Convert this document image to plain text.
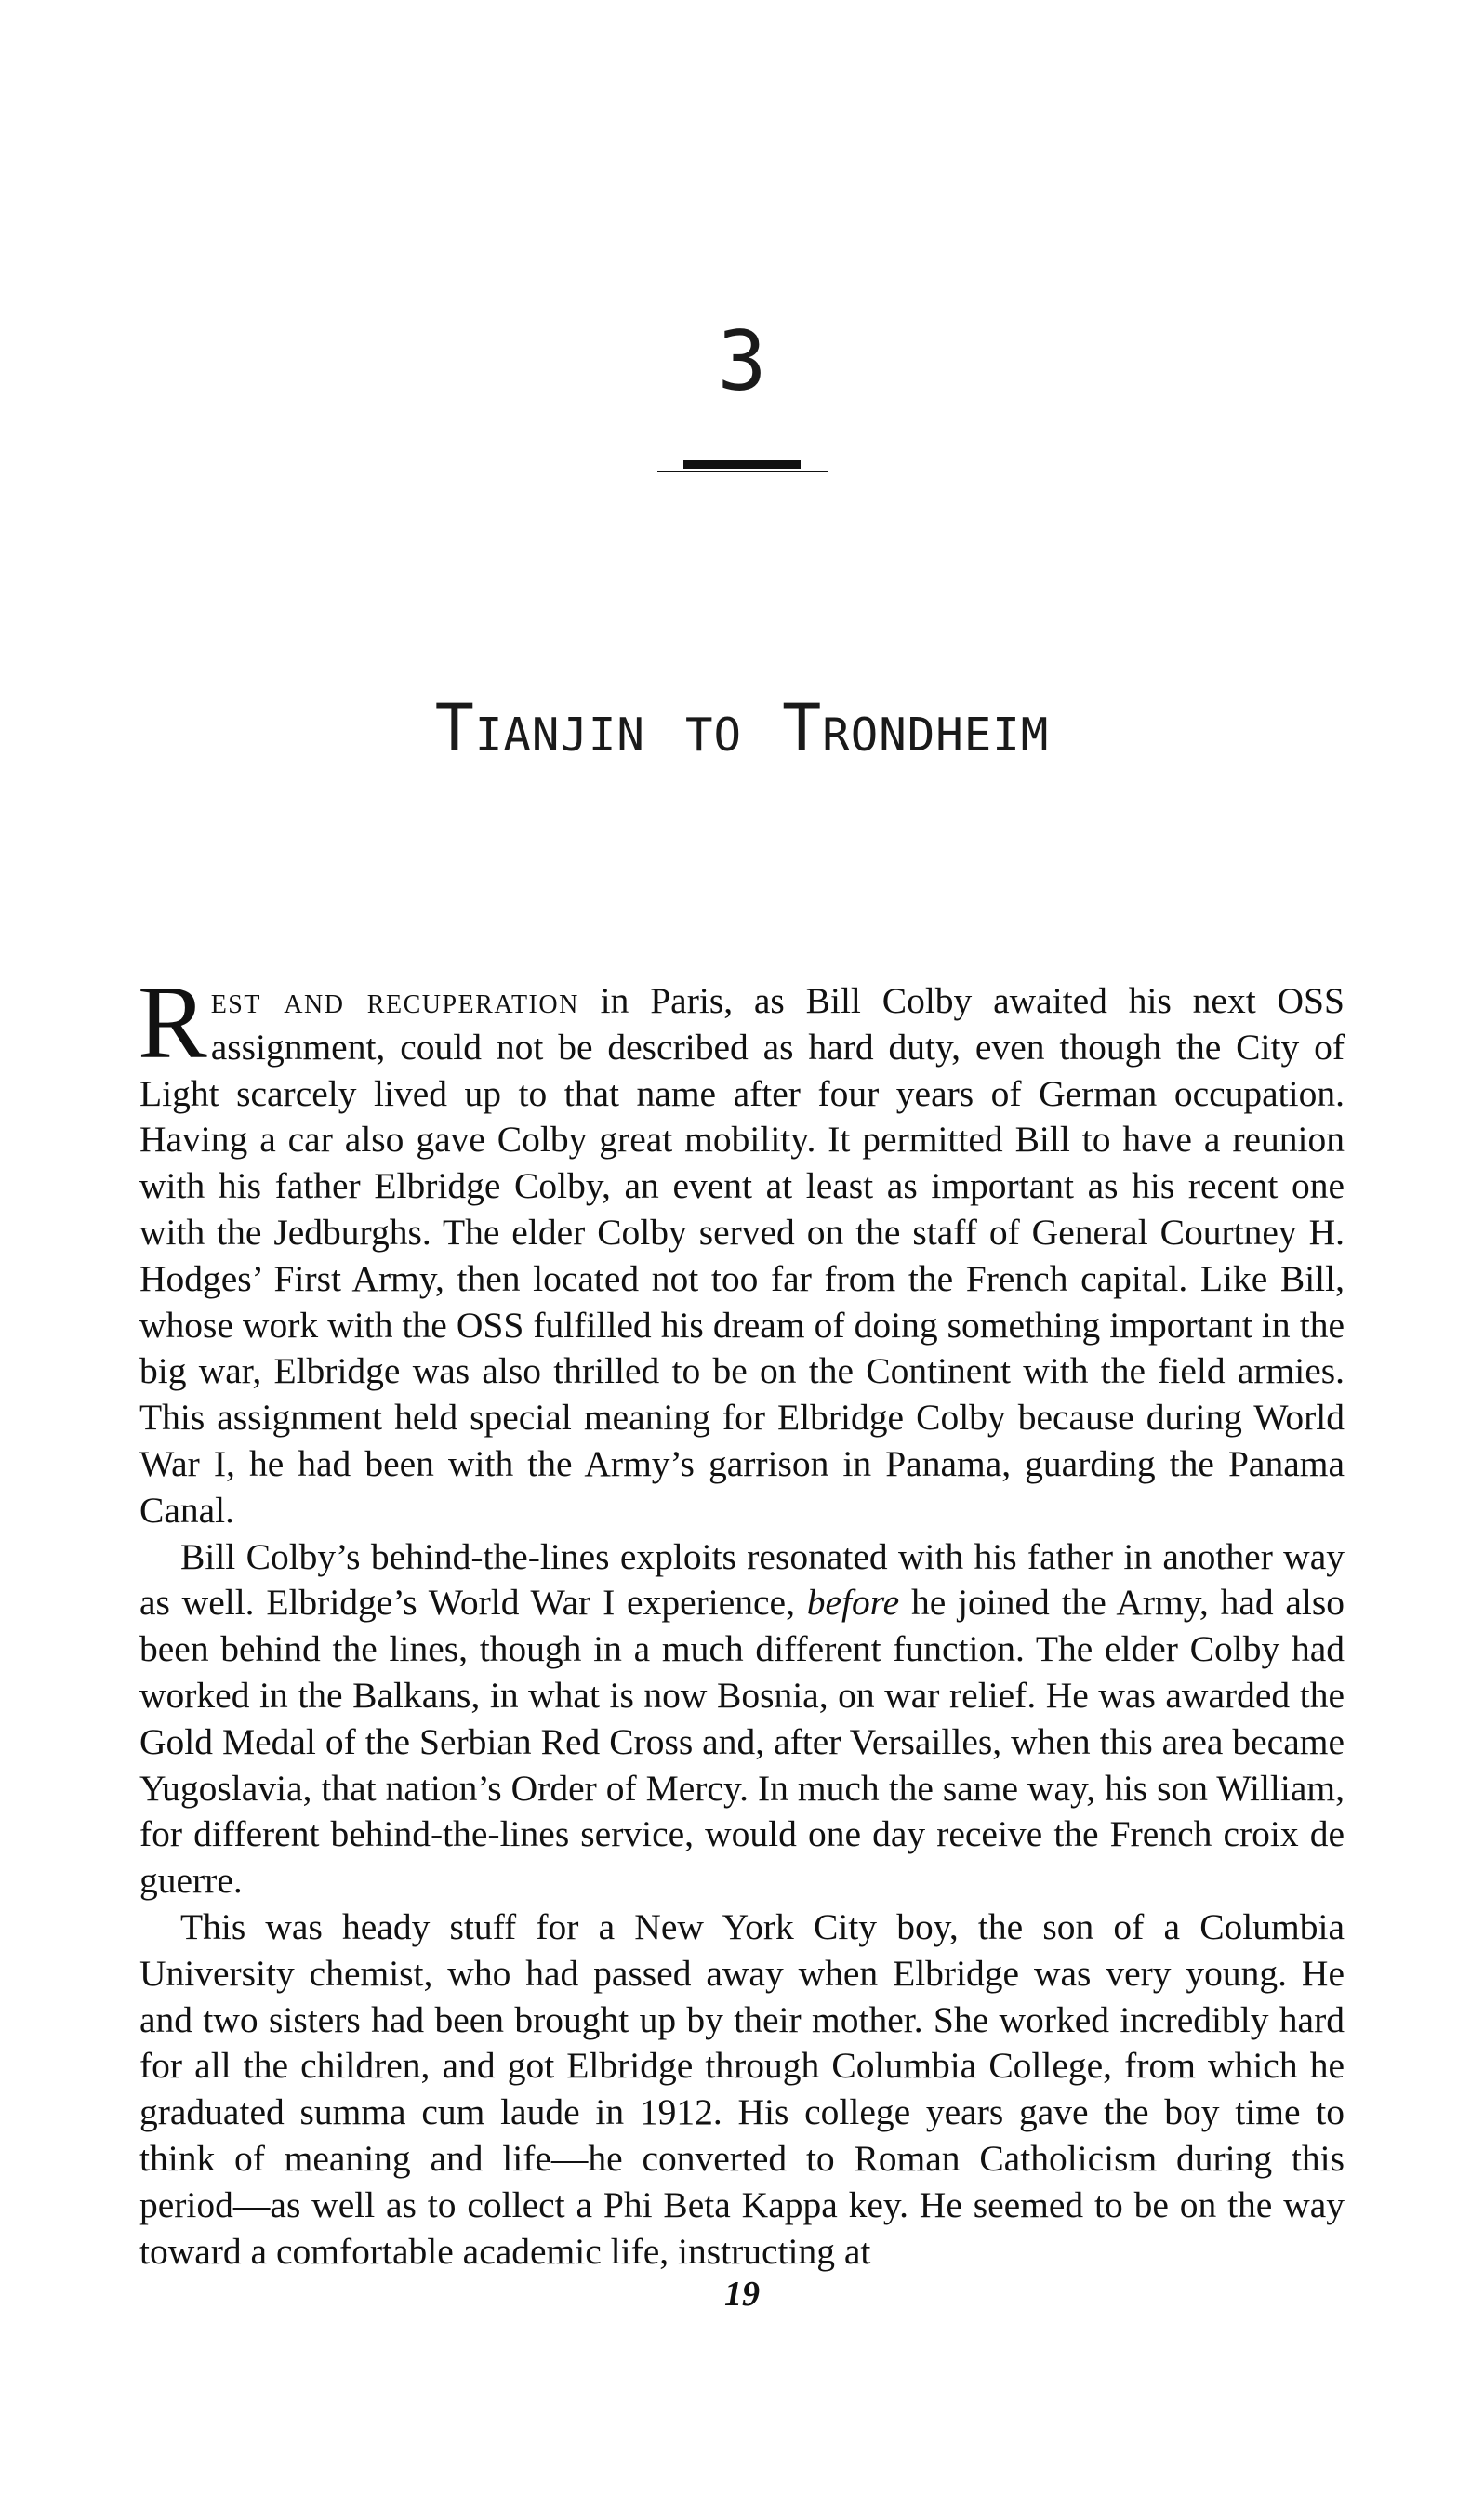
3
Tianjin to Trondheim

Rest and recuperation in Paris, as Bill Colby awaited his next OSS assignment, could not be described as hard duty, even though the City of Light scarcely lived up to that name after four years of German occupation. Having a car also gave Colby great mobility. It permitted Bill to have a reunion with his father Elbridge Colby, an event at least as important as his recent one with the Jedburghs. The elder Colby served on the staff of General Courtney H. Hodges’ First Army, then located not too far from the French capital. Like Bill, whose work with the OSS fulfilled his dream of doing something important in the big war, Elbridge was also thrilled to be on the Continent with the field armies. This assignment held special meaning for Elbridge Colby because during World War I, he had been with the Army’s garrison in Panama, guarding the Panama Canal.

Bill Colby’s behind-the-lines exploits resonated with his father in another way as well. Elbridge’s World War I experience, before he joined the Army, had also been behind the lines, though in a much different function. The elder Colby had worked in the Balkans, in what is now Bosnia, on war relief. He was awarded the Gold Medal of the Serbian Red Cross and, after Versailles, when this area became Yugoslavia, that nation’s Order of Mercy. In much the same way, his son William, for different behind-the-lines service, would one day receive the French croix de guerre.

This was heady stuff for a New York City boy, the son of a Columbia University chemist, who had passed away when Elbridge was very young. He and two sisters had been brought up by their mother. She worked incredibly hard for all the children, and got Elbridge through Columbia College, from which he graduated summa cum laude in 1912. His college years gave the boy time to think of meaning and life—he converted to Roman Catholicism during this period—as well as to collect a Phi Beta Kappa key. He seemed to be on the way toward a comfortable academic life, instructing at

19
